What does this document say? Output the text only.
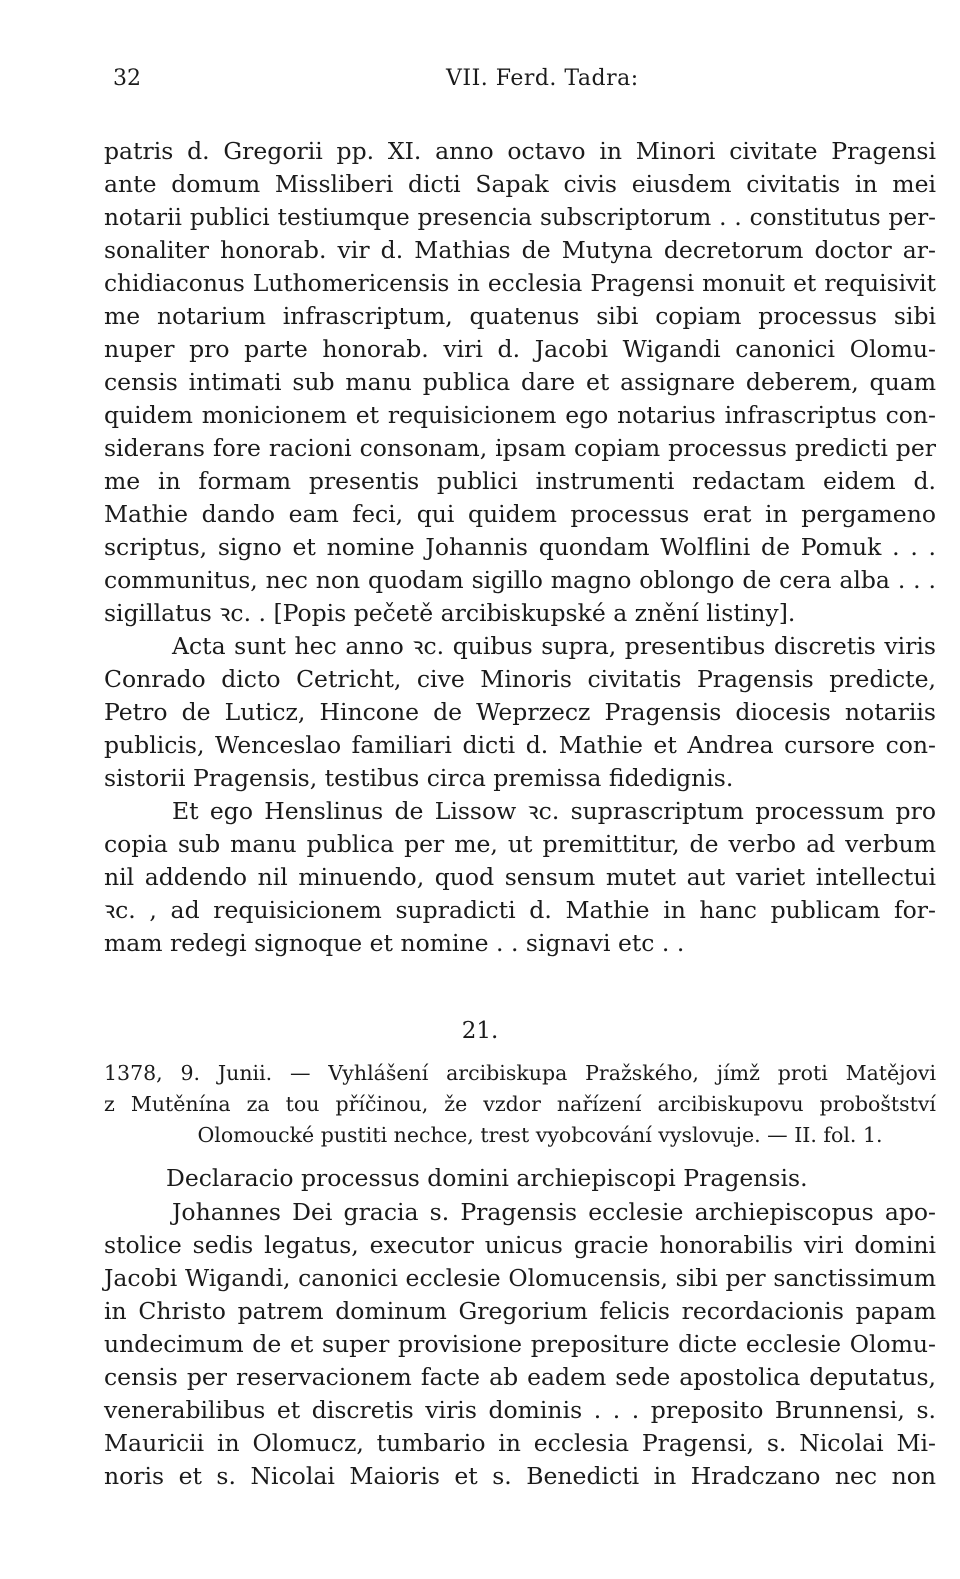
32	VII. Ferd. Tadra:
patris d. Gregorii pp. XI. anno octavo in Minori civitate Pragensi
ante domum Missliberi dicti Sapak civis eiusdem civitatis in mei
notarii publici testiumque presencia subscriptorum . . constitutus per-
sonaliter honorab. vir d. Mathias de Mutyna decretorum doctor ar-
chidiaconus Luthomericensis in ecclesia Pragensi monuit et requisivit
me notarium infrascriptum, quatenus sibi copiam processus sibi
nuper pro parte honorab. viri d. Jacobi Wigandi canonici Olomu-
censis intimati sub manu publica dare et assignare deberem, quam
quidem monicionem et requisicionem ego notarius infrascriptus con-
siderans fore racioni consonam, ipsam copiam processus predicti per
me in formam presentis publici instrumenti redactam eidem d.
Mathie dando eam feci, qui quidem processus erat in pergameno
scriptus, signo et nomine Johannis quondam Wolflini de Pomuk . . .
communitus, nec non quodam sigillo magno oblongo de cera alba . . .
sigillatus ꝛc. . [Popis pečetě arcibiskupské a znění listiny].
Acta sunt hec anno ꝛc. quibus supra, presentibus discretis viris
Conrado dicto Cetricht, cive Minoris civitatis Pragensis predicte,
Petro de Luticz, Hincone de Weprzecz Pragensis diocesis notariis
publicis, Wenceslao familiari dicti d. Mathie et Andrea cursore con-
sistorii Pragensis, testibus circa premissa fidedignis.
Et ego Henslinus de Lissow ꝛc. suprascriptum processum pro
copia sub manu publica per me, ut premittitur, de verbo ad verbum
nil addendo nil minuendo, quod sensum mutet aut variet intellectui
ꝛc. , ad requisicionem supradicti d. Mathie in hanc publicam for-
mam redegi signoque et nomine . . signavi etc . .
21.
1378, 9. Junii. — Vyhlášení arcibiskupa Pražského, jímž proti Matějovi
z Mutěnína za tou příčinou, že vzdor nařízení arcibiskupovu proboštství
Olomoucké pustiti nechce, trest vyobcování vyslovuje. — II. fol. 1.
Declaracio processus domini archiepiscopi Pragensis.
Johannes Dei gracia s. Pragensis ecclesie archiepiscopus apo-
stolice sedis legatus, executor unicus gracie honorabilis viri domini
Jacobi Wigandi, canonici ecclesie Olomucensis, sibi per sanctissimum
in Christo patrem dominum Gregorium felicis recordacionis papam
undecimum de et super provisione prepositure dicte ecclesie Olomu-
censis per reservacionem facte ab eadem sede apostolica deputatus,
venerabilibus et discretis viris dominis . . . preposito Brunnensi, s.
Mauricii in Olomucz, tumbario in ecclesia Pragensi, s. Nicolai Mi-
noris et s. Nicolai Maioris et s. Benedicti in Hradczano nec non
